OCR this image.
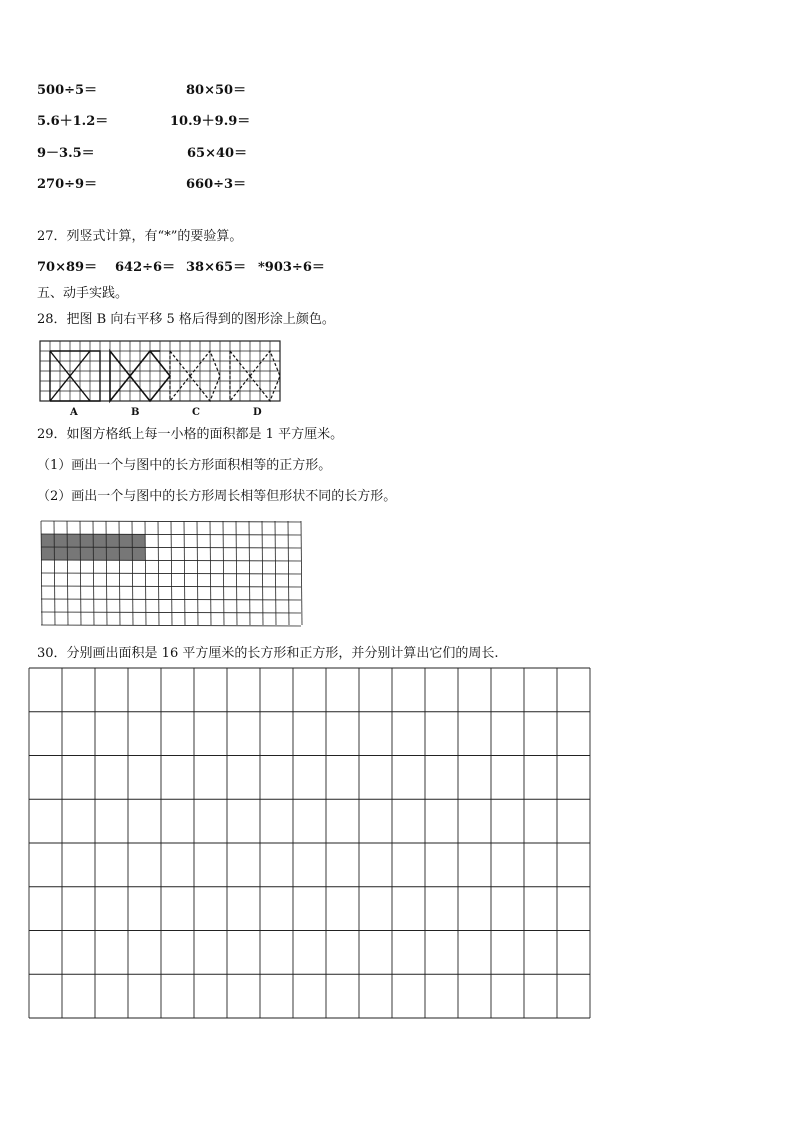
500÷5＝	80×50＝
5.6＋1.2＝	10.9＋9.9＝
9－3.5＝	65×40＝
270÷9＝	660÷3＝
27．列竖式计算，有“*”的要验算。
70×89＝ 642÷6＝ 38×65＝ *903÷6＝
五、动手实践。
28．把图 B 向右平移 5 格后得到的图形涂上颜色。
A	B	C	D
29．如图方格纸上每一小格的面积都是 1 平方厘米。
（1）画出一个与图中的长方形面积相等的正方形。
（2）画出一个与图中的长方形周长相等但形状不同的长方形。
30．分别画出面积是 16 平方厘米的长方形和正方形，并分别计算出它们的周长.
